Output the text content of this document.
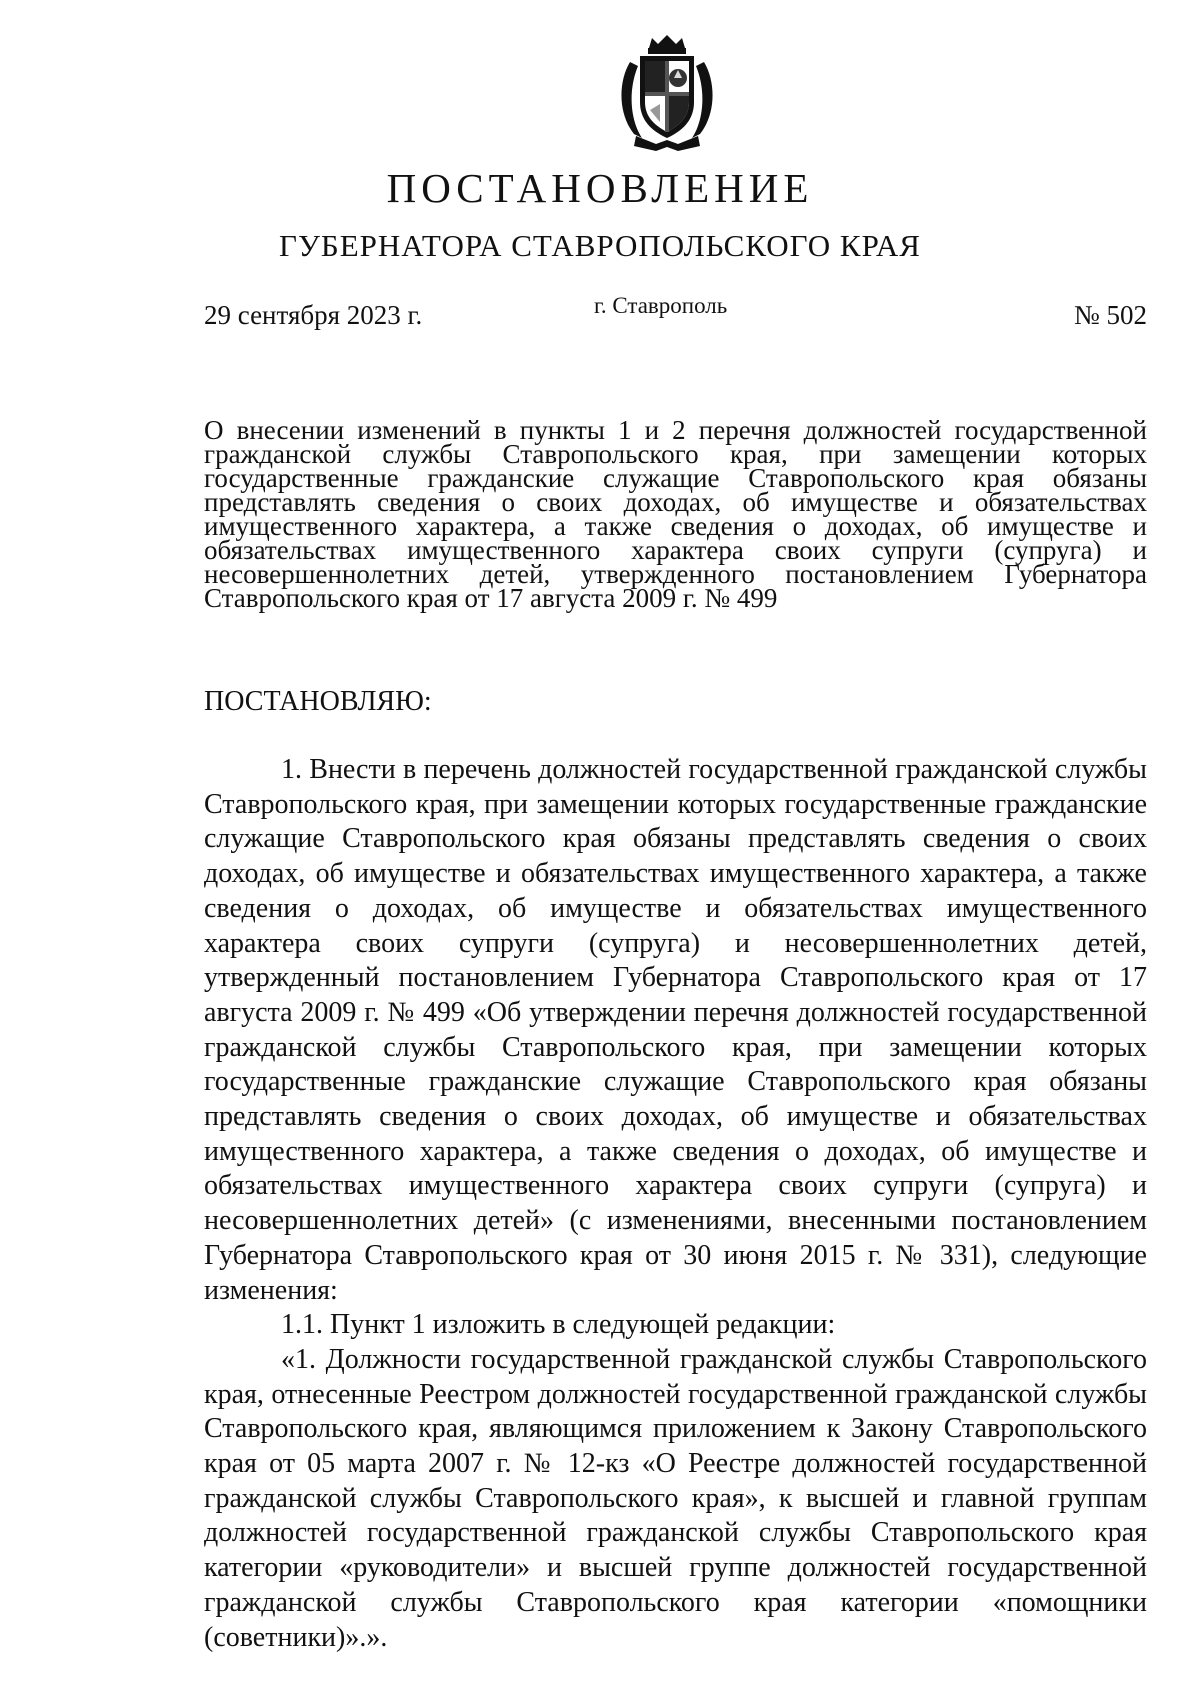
ПОСТАНОВЛЕНИЕ
ГУБЕРНАТОРА СТАВРОПОЛЬСКОГО КРАЯ
29 сентября 2023 г.	г. Ставрополь	№ 502
О внесении изменений в пункты 1 и 2 перечня должностей государственной гражданской службы Ставропольского края, при замещении которых государственные гражданские служащие Ставропольского края обязаны представлять сведения о своих доходах, об имуществе и обязательствах имущественного характера, а также сведения о доходах, об имуществе и обязательствах имущественного характера своих супруги (супруга) и несовершеннолетних детей, утвержденного постановлением Губернатора Ставропольского края от 17 августа 2009 г. № 499
ПОСТАНОВЛЯЮ:

1. Внести в перечень должностей государственной гражданской службы Ставропольского края, при замещении которых государственные гражданские служащие Ставропольского края обязаны представлять сведения о своих доходах, об имуществе и обязательствах имущественного характера, а также сведения о доходах, об имуществе и обязательствах имущественного характера своих супруги (супруга) и несовершеннолетних детей, утвержденный постановлением Губернатора Ставропольского края от 17 августа 2009 г. № 499 «Об утверждении перечня должностей государственной гражданской службы Ставропольского края, при замещении которых государственные гражданские служащие Ставропольского края обязаны представлять сведения о своих доходах, об имуществе и обязательствах имущественного характера, а также сведения о доходах, об имуществе и обязательствах имущественного характера своих супруги (супруга) и несовершеннолетних детей» (с изменениями, внесенными постановлением Губернатора Ставропольского края от 30 июня 2015 г. № 331), следующие изменения:

1.1. Пункт 1 изложить в следующей редакции:

«1. Должности государственной гражданской службы Ставропольского края, отнесенные Реестром должностей государственной гражданской службы Ставропольского края, являющимся приложением к Закону Ставропольского края от 05 марта 2007 г. № 12-кз «О Реестре должностей государственной гражданской службы Ставропольского края», к высшей и главной группам должностей государственной гражданской службы Ставропольского края категории «руководители» и высшей группе должностей государственной гражданской службы Ставропольского края категории «помощники (советники)».».
